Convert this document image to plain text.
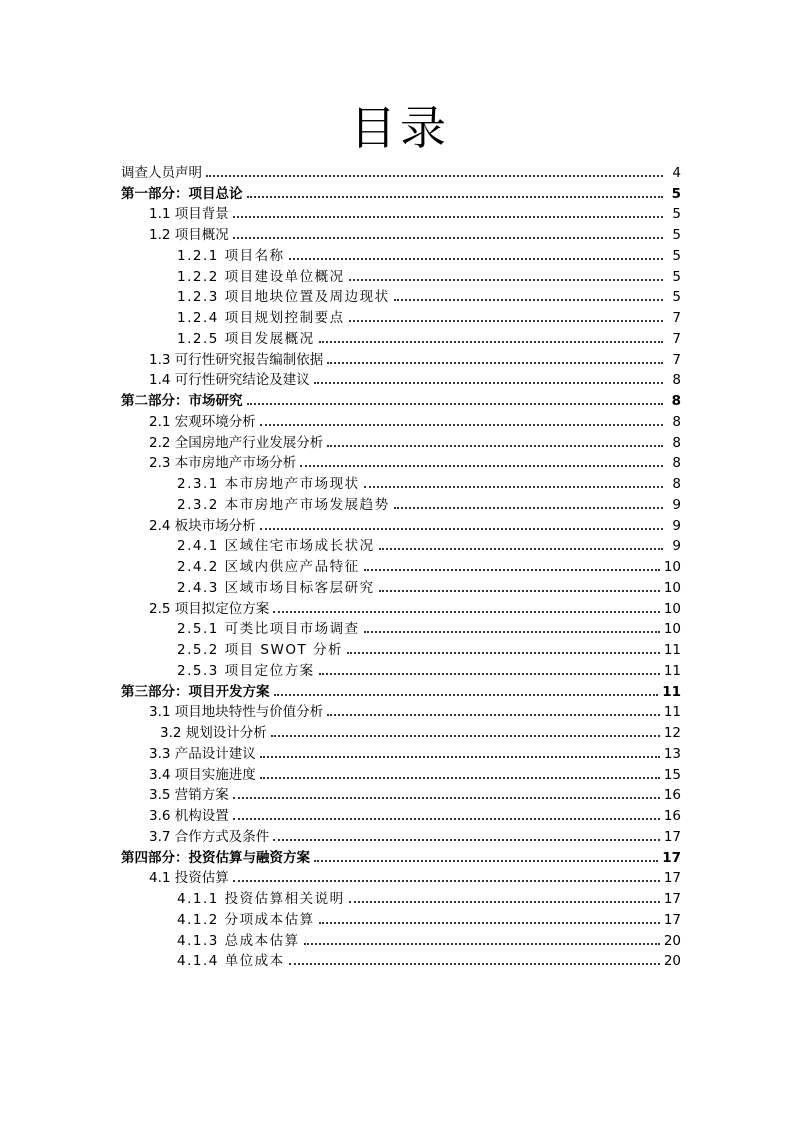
目录
调查人员声明	4
第一部分：项目总论	5
1.1 项目背景	5
1.2 项目概况	5
1.2.1 项目名称	5
1.2.2 项目建设单位概况	5
1.2.3 项目地块位置及周边现状	5
1.2.4 项目规划控制要点	7
1.2.5 项目发展概况	7
1.3 可行性研究报告编制依据	7
1.4 可行性研究结论及建议	8
第二部分：市场研究	8
2.1 宏观环境分析	8
2.2 全国房地产行业发展分析	8
2.3 本市房地产市场分析	8
2.3.1 本市房地产市场现状	8
2.3.2 本市房地产市场发展趋势	9
2.4 板块市场分析	9
2.4.1 区域住宅市场成长状况	9
2.4.2 区域内供应产品特征	10
2.4.3 区域市场目标客层研究	10
2.5 项目拟定位方案	10
2.5.1 可类比项目市场调查	10
2.5.2 项目 SWOT 分析	11
2.5.3 项目定位方案	11
第三部分：项目开发方案	11
3.1 项目地块特性与价值分析	11
3.2 规划设计分析	12
3.3 产品设计建议	13
3.4 项目实施进度	15
3.5 营销方案	16
3.6 机构设置	16
3.7 合作方式及条件	17
第四部分：投资估算与融资方案	17
4.1 投资估算	17
4.1.1 投资估算相关说明	17
4.1.2 分项成本估算	17
4.1.3 总成本估算	20
4.1.4 单位成本	20
